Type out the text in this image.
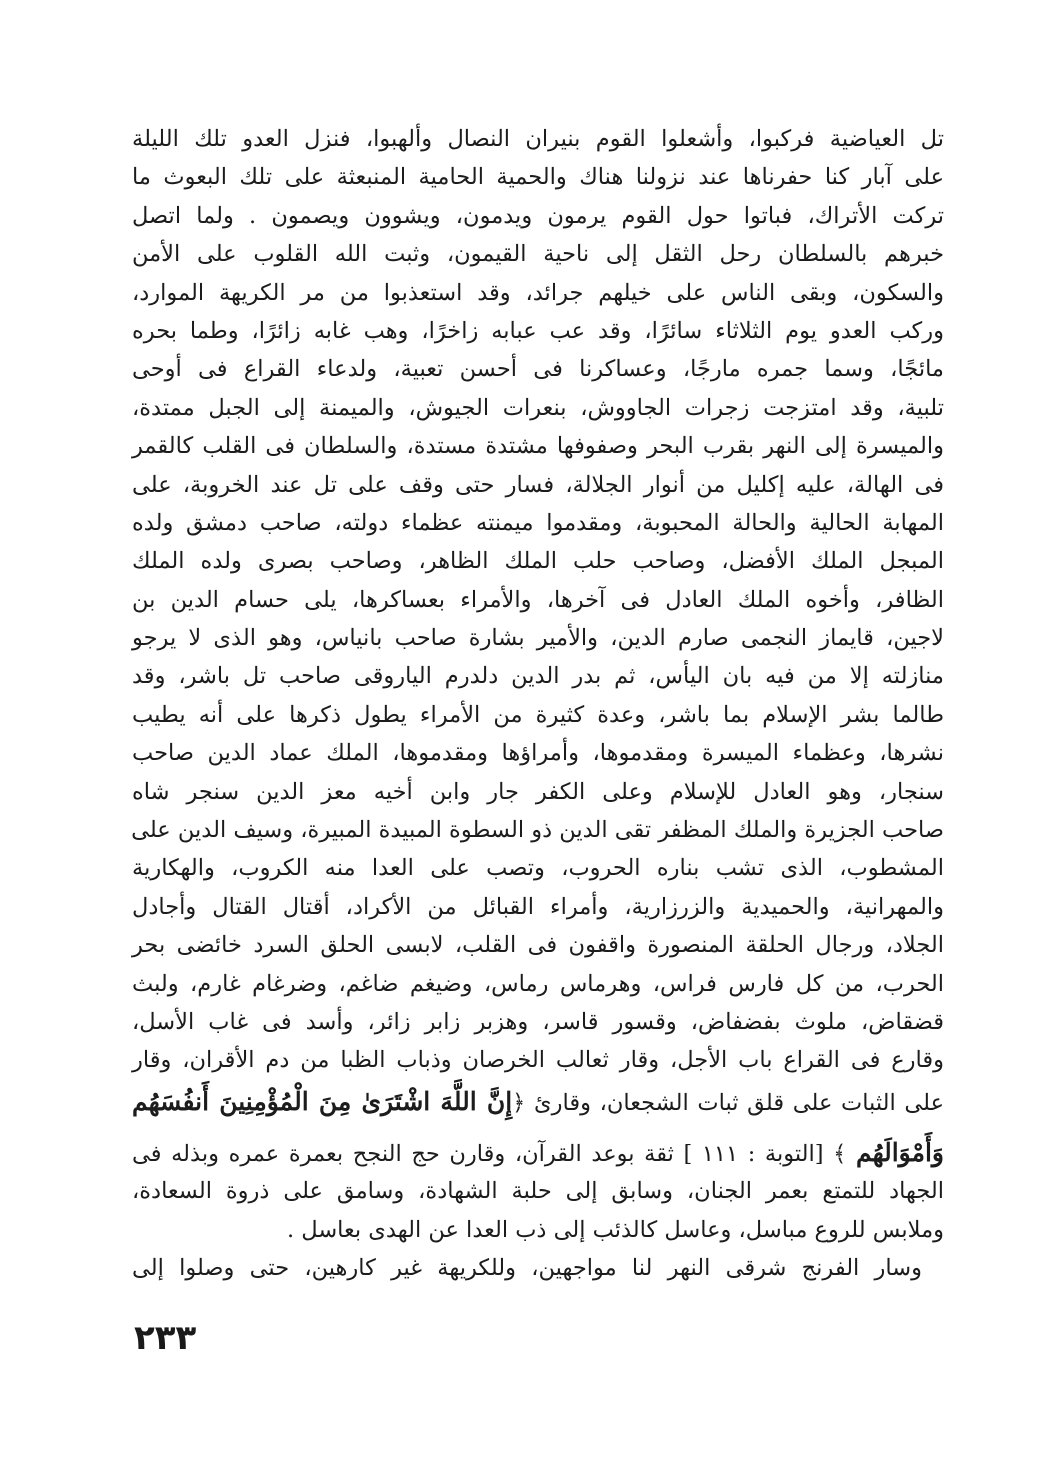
تل العياضية فركبوا، وأشعلوا القوم بنيران النصال وألهبوا، فنزل العدو تلك الليلة
على آبار كنا حفرناها عند نزولنا هناك والحمية الحامية المنبعثة على تلك البعوث ما
تركت الأتراك، فباتوا حول القوم يرمون ويدمون، ويشوون ويصمون . ولما اتصل
خبرهم بالسلطان رحل الثقل إلى ناحية القيمون، وثبت الله القلوب على الأمن
والسكون، وبقى الناس على خيلهم جرائد، وقد استعذبوا من مر الكريهة الموارد،
وركب العدو يوم الثلاثاء سائرًا، وقد عب عبابه زاخرًا، وهب غابه زائرًا، وطما بحره
مائجًا، وسما جمره مارجًا، وعساكرنا فى أحسن تعبية، ولدعاء القراع فى أوحى
تلبية، وقد امتزجت زجرات الجاووش، بنعرات الجيوش، والميمنة إلى الجبل ممتدة،
والميسرة إلى النهر بقرب البحر وصفوفها مشتدة مستدة، والسلطان فى القلب كالقمر
فى الهالة، عليه إكليل من أنوار الجلالة، فسار حتى وقف على تل عند الخروبة، على
المهابة الحالية والحالة المحبوبة، ومقدموا ميمنته عظماء دولته، صاحب دمشق ولده
المبجل الملك الأفضل، وصاحب حلب الملك الظاهر، وصاحب بصرى ولده الملك
الظافر، وأخوه الملك العادل فى آخرها، والأمراء بعساكرها، يلى حسام الدين بن
لاجين، قايماز النجمى صارم الدين، والأمير بشارة صاحب بانياس، وهو الذى لا يرجو
منازلته إلا من فيه بان اليأس، ثم بدر الدين دلدرم الياروقى صاحب تل باشر، وقد
طالما بشر الإسلام بما باشر، وعدة كثيرة من الأمراء يطول ذكرها على أنه يطيب
نشرها، وعظماء الميسرة ومقدموها، وأمراؤها ومقدموها، الملك عماد الدين صاحب
سنجار، وهو العادل للإسلام وعلى الكفر جار وابن أخيه معز الدين سنجر شاه
صاحب الجزيرة والملك المظفر تقى الدين ذو السطوة المبيدة المبيرة، وسيف الدين على
المشطوب، الذى تشب بناره الحروب، وتصب على العدا منه الكروب، والهكارية
والمهرانية، والحميدية والزرزارية، وأمراء القبائل من الأكراد، أقتال القتال وأجادل
الجلاد، ورجال الحلقة المنصورة واقفون فى القلب، لابسى الحلق السرد خائضى بحر
الحرب، من كل فارس فراس، وهرماس رماس، وضيغم ضاغم، وضرغام غارم، ولبث
قضقاض، ملوث بفضفاض، وقسور قاسر، وهزبر زابر زائر، وأسد فى غاب الأسل،
وقارع فى القراع باب الأجل، وقار ثعالب الخرصان وذباب الظبا من دم الأقران، وقار
على الثبات على قلق ثبات الشجعان، وقارئ ﴿إِنَّ اللَّهَ اشْتَرَىٰ مِنَ الْمُؤْمِنِينَ أَنفُسَهُم
وَأَمْوَالَهُم ﴾ [التوبة : ١١١ ] ثقة بوعد القرآن، وقارن حج النجح بعمرة عمره وبذله فى
الجهاد للتمتع بعمر الجنان، وسابق إلى حلبة الشهادة، وسامق على ذروة السعادة،
وملابس للروع مباسل، وعاسل كالذئب إلى ذب العدا عن الهدى بعاسل .
وسار الفرنج شرقى النهر لنا مواجهين، وللكريهة غير كارهين، حتى وصلوا إلى
٢٣٣
